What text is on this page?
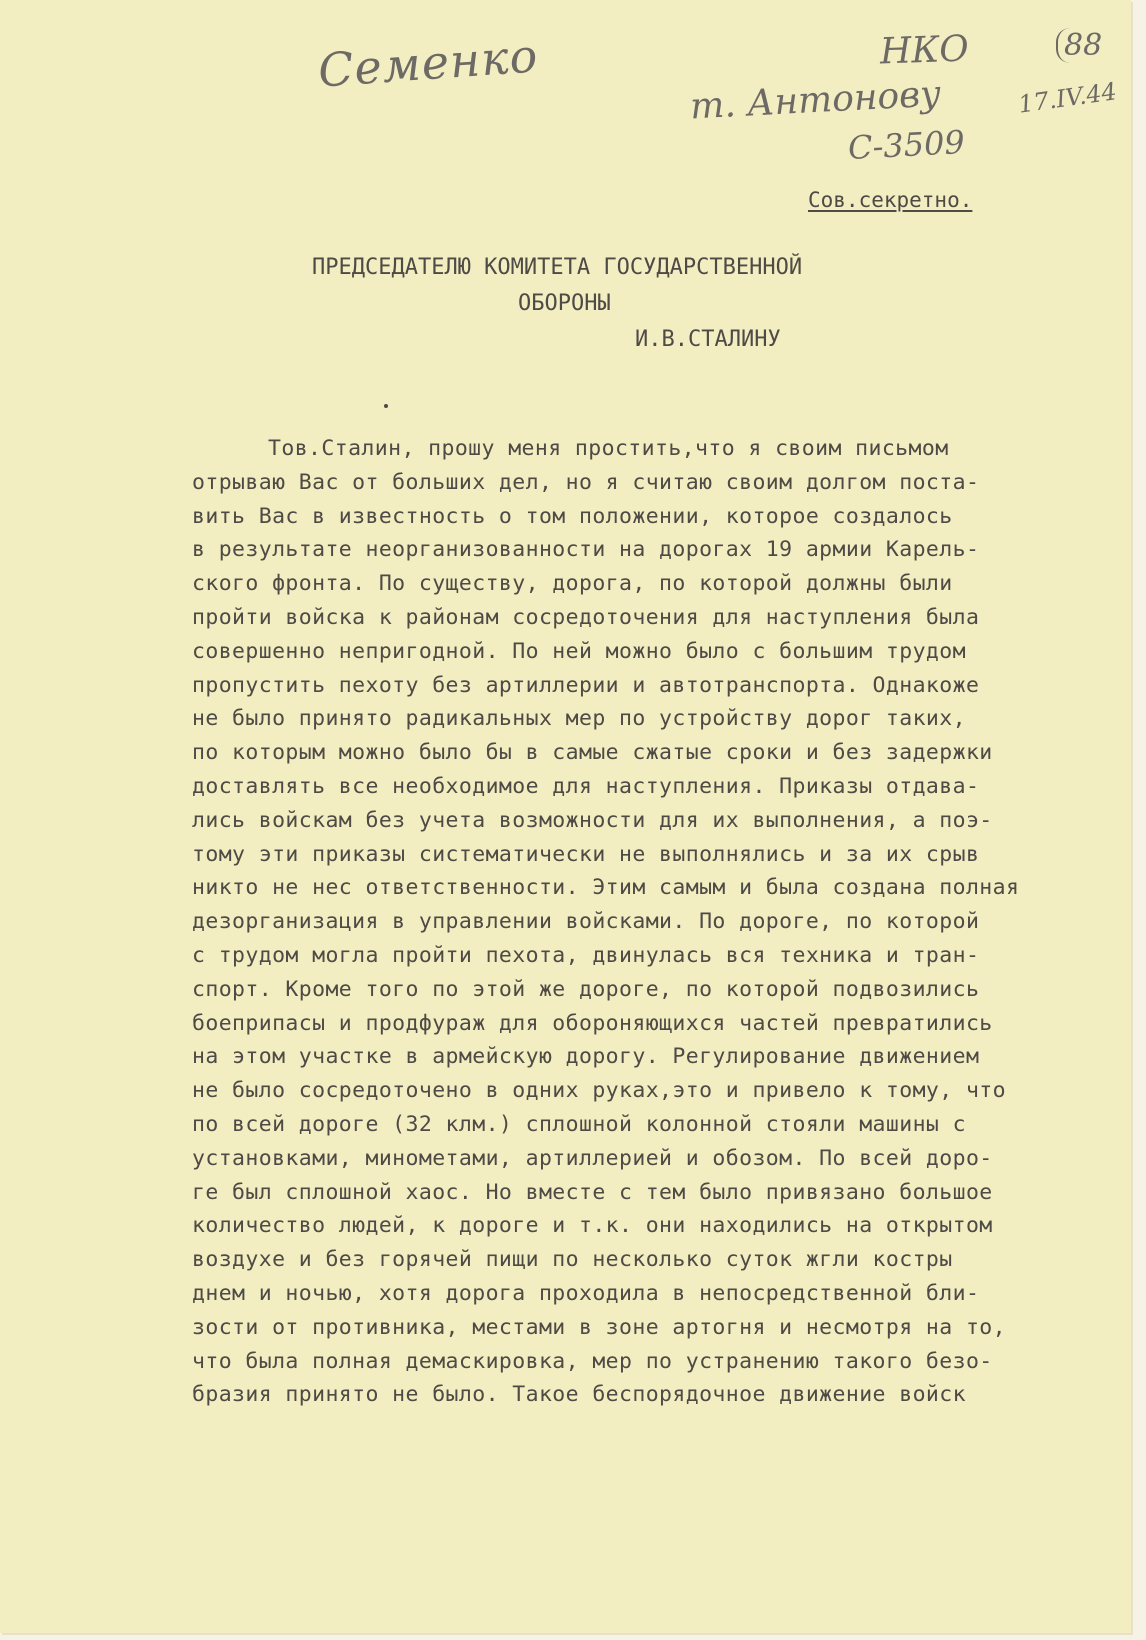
Семенко	НКО

т. Антонову	17.IV.44

С-3509

88

Сов.секретно.

ПРЕДСЕДАТЕЛЮ КОМИТЕТА ГОСУДАРСТВЕННОЙ
ОБОРОНЫ
И.В.СТАЛИНУ
Тов.Сталин, прошу меня простить,что я своим письмом
отрываю Вас от больших дел, но я считаю своим долгом поста-
вить Вас в известность о том положении, которое создалось
в результате неорганизованности на дорогах 19 армии Карель-
ского фронта. По существу, дорога, по которой должны были
пройти войска к районам сосредоточения для наступления была
совершенно непригодной. По ней можно было с большим трудом
пропустить пехоту без артиллерии и автотранспорта. Однакоже
не было принято радикальных мер по устройству дорог таких,
по которым можно было бы в самые сжатые сроки и без задержки
доставлять все необходимое для наступления. Приказы отдава-
лись войскам без учета возможности для их выполнения, а поэ-
тому эти приказы систематически не выполнялись и за их срыв
никто не нес ответственности. Этим самым и была создана полная
дезорганизация в управлении войсками. По дороге, по которой
с трудом могла пройти пехота, двинулась вся техника и тран-
спорт. Кроме того по этой же дороге, по которой подвозились
боеприпасы и продфураж для обороняющихся частей превратились
на этом участке в армейскую дорогу. Регулирование движением
не было сосредоточено в одних руках,это и привело к тому, что
по всей дороге (32 клм.) сплошной колонной стояли машины с
установками, минометами, артиллерией и обозом. По всей доро-
ге был сплошной хаос. Но вместе с тем было привязано большое
количество людей, к дороге и т.к. они находились на открытом
воздухе и без горячей пищи по несколько суток жгли костры
днем и ночью, хотя дорога проходила в непосредственной бли-
зости от противника, местами в зоне артогня и несмотря на то,
что была полная демаскировка, мер по устранению такого безо-
бразия принято не было. Такое беспорядочное движение войск
